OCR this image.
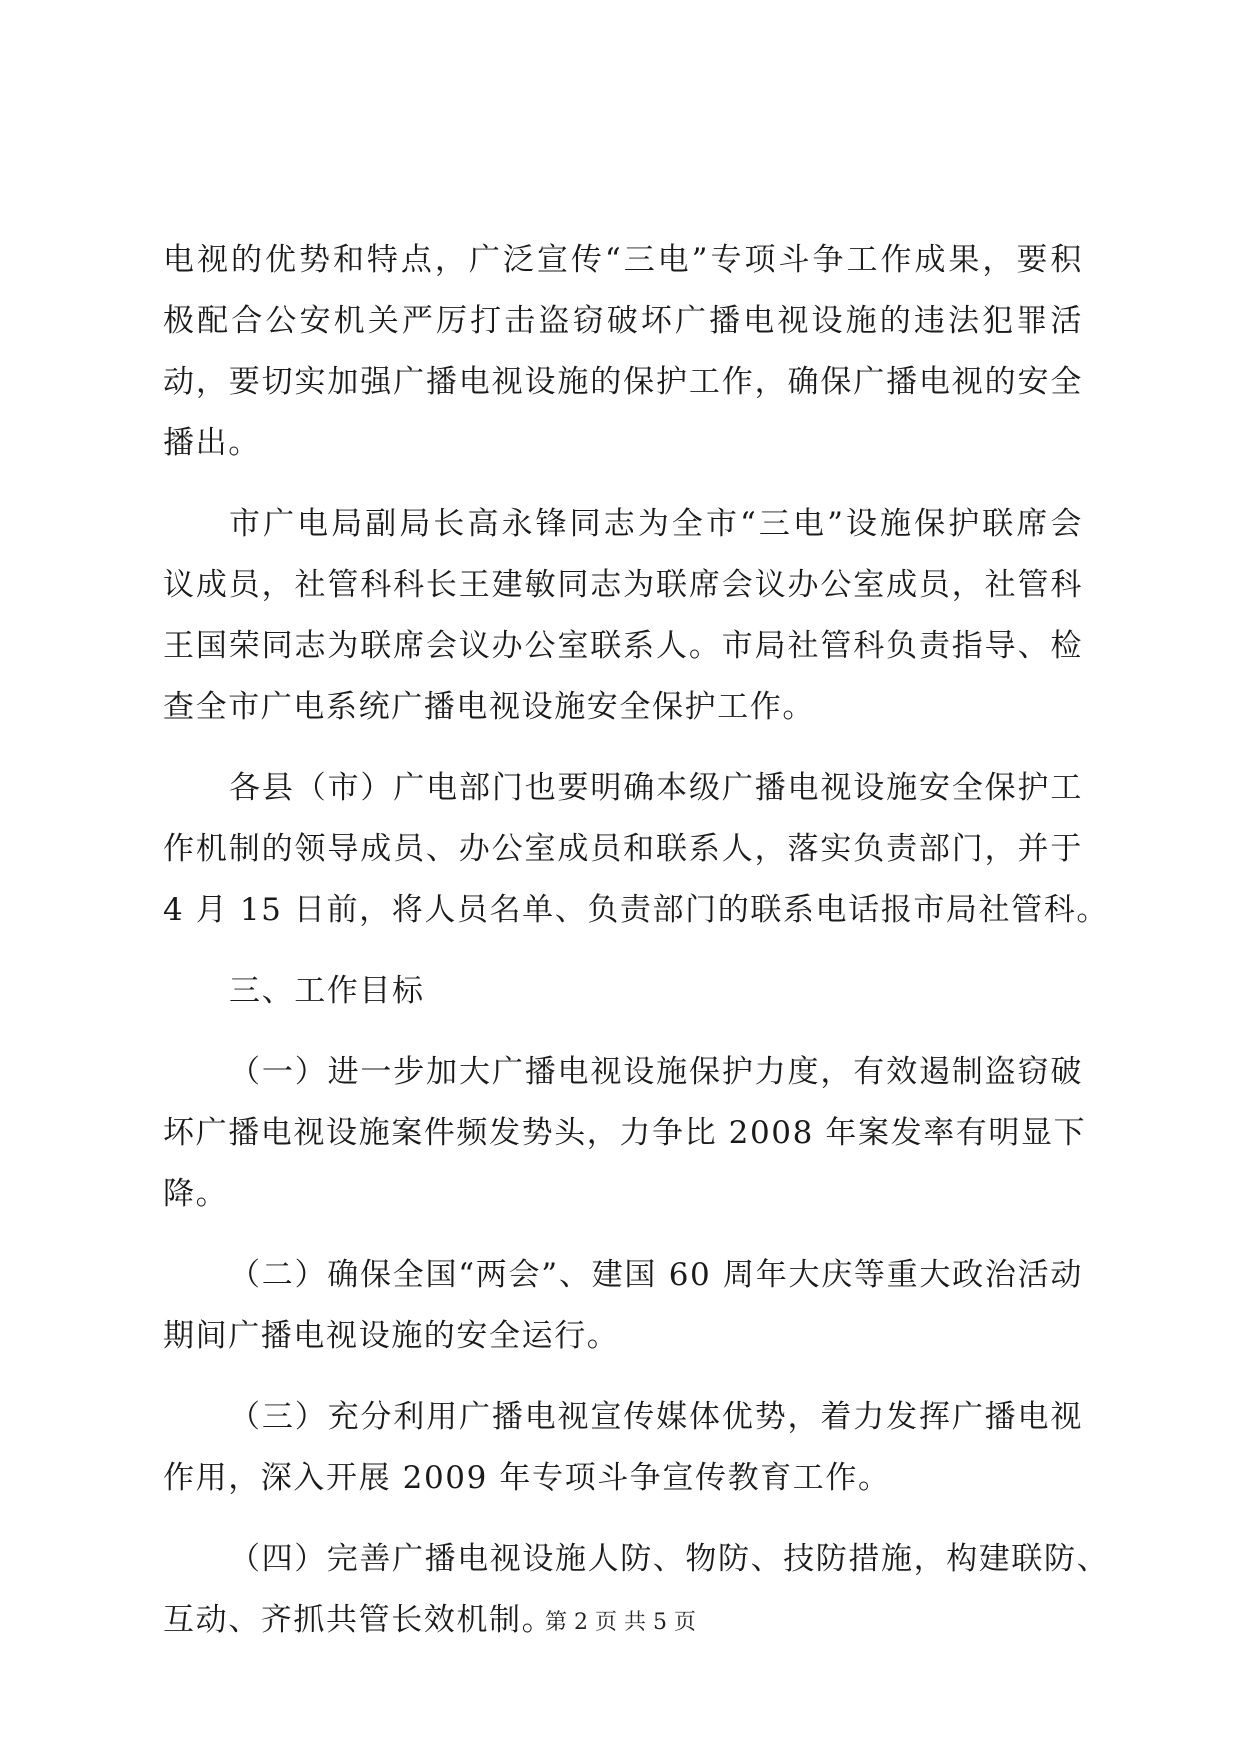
电视的优势和特点，广泛宣传“三电”专项斗争工作成果，要积
极配合公安机关严厉打击盗窃破坏广播电视设施的违法犯罪活
动，要切实加强广播电视设施的保护工作，确保广播电视的安全
播出。
市广电局副局长高永锋同志为全市“三电”设施保护联席会
议成员，社管科科长王建敏同志为联席会议办公室成员，社管科
王国荣同志为联席会议办公室联系人。市局社管科负责指导、检
查全市广电系统广播电视设施安全保护工作。
各县（市）广电部门也要明确本级广播电视设施安全保护工
作机制的领导成员、办公室成员和联系人，落实负责部门，并于
4 月 15 日前，将人员名单、负责部门的联系电话报市局社管科。
三、工作目标
（一）进一步加大广播电视设施保护力度，有效遏制盗窃破
坏广播电视设施案件频发势头，力争比 2008 年案发率有明显下
降。
（二）确保全国“两会”、建国 60 周年大庆等重大政治活动
期间广播电视设施的安全运行。
（三）充分利用广播电视宣传媒体优势，着力发挥广播电视
作用，深入开展 2009 年专项斗争宣传教育工作。
（四）完善广播电视设施人防、物防、技防措施，构建联防、
互动、齐抓共管长效机制。
第 2 页 共 5 页
